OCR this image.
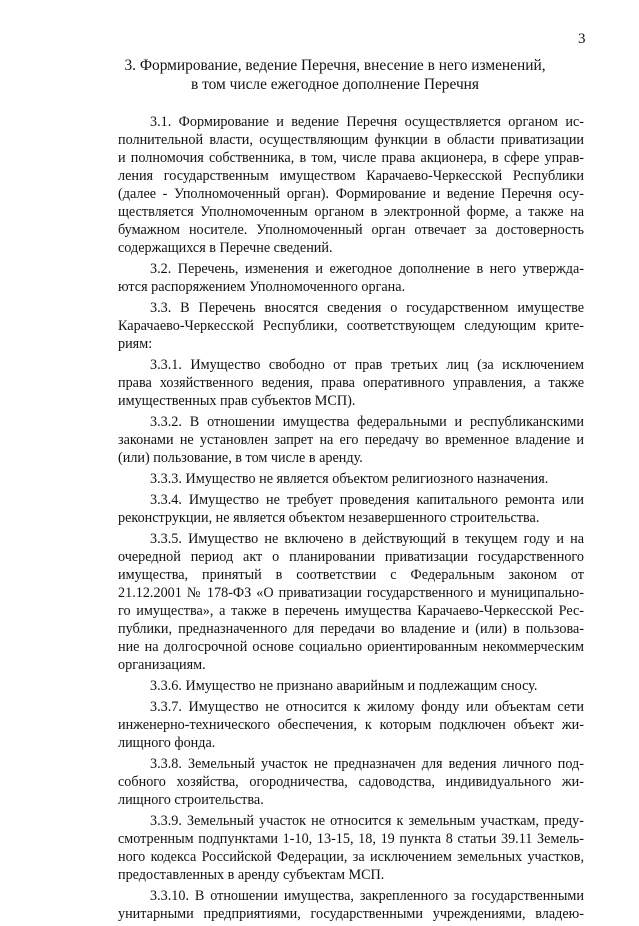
3
3. Формирование, ведение Перечня, внесение в него изменений,
в том числе ежегодное дополнение Перечня
3.1. Формирование и ведение Перечня осуществляется органом ис-
полнительной власти, осуществляющим функции в области приватизации
и полномочия собственника, в том, числе права акционера, в сфере управ-
ления государственным имуществом Карачаево-Черкесской Республики
(далее - Уполномоченный орган). Формирование и ведение Перечня осу-
ществляется Уполномоченным органом в электронной форме, а также на
бумажном носителе. Уполномоченный орган отвечает за достоверность
содержащихся в Перечне сведений.
3.2. Перечень, изменения и ежегодное дополнение в него утвержда-
ются распоряжением Уполномоченного органа.
3.3. В Перечень вносятся сведения о государственном имуществе
Карачаево-Черкесской Республики, соответствующем следующим крите-
риям:
3.3.1. Имущество свободно от прав третьих лиц (за исключением
права хозяйственного ведения, права оперативного управления, а также
имущественных прав субъектов МСП).
3.3.2. В отношении имущества федеральными и республиканскими
законами не установлен запрет на его передачу во временное владение и
(или) пользование, в том числе в аренду.
3.3.3. Имущество не является объектом религиозного назначения.
3.3.4. Имущество не требует проведения капитального ремонта или
реконструкции, не является объектом незавершенного строительства.
3.3.5. Имущество не включено в действующий в текущем году и на
очередной период акт о планировании приватизации государственного
имущества, принятый в соответствии с Федеральным законом от
21.12.2001 № 178-ФЗ «О приватизации государственного и муниципально-
го имущества», а также в перечень имущества Карачаево-Черкесской Рес-
публики, предназначенного для передачи во владение и (или) в пользова-
ние на долгосрочной основе социально ориентированным некоммерческим
организациям.
3.3.6. Имущество не признано аварийным и подлежащим сносу.
3.3.7. Имущество не относится к жилому фонду или объектам сети
инженерно-технического обеспечения, к которым подключен объект жи-
лищного фонда.
3.3.8. Земельный участок не предназначен для ведения личного под-
собного хозяйства, огородничества, садоводства, индивидуального жи-
лищного строительства.
3.3.9. Земельный участок не относится к земельным участкам, преду-
смотренным подпунктами 1-10, 13-15, 18, 19 пункта 8 статьи 39.11 Земель-
ного кодекса Российской Федерации, за исключением земельных участков,
предоставленных в аренду субъектам МСП.
3.3.10. В отношении имущества, закрепленного за государственными
унитарными предприятиями, государственными учреждениями, владею-
